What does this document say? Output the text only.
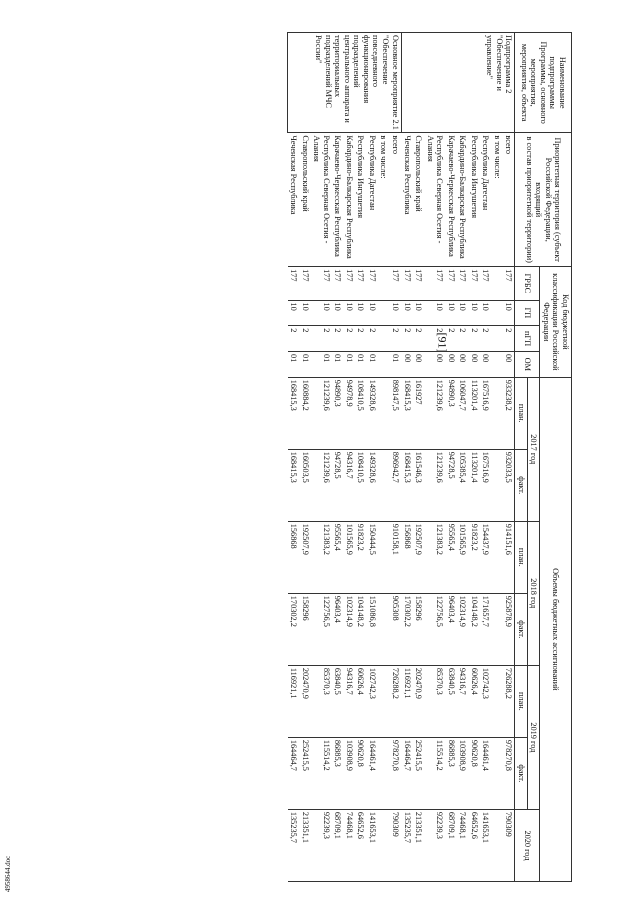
[91]
4958644.doc
Наименование подпрограммы Программы, основного мероприятия, мероприятия, объекта	Приоритетная территория (субъект Российской Федерации,
входящий
в состав приоритетной территории)	Код бюджетной классификации Российской Федерации				Объемы бюджетных ассигнований						
		ГРБС	ГП	пГП	ОМ	2017 год		2018 год		2019 год		2020 год
						план.	факт.	план.	факт.	план.	факт.	
Подпрограмма 2 "Обеспечение и управление"	всего	177	10	2	00	933238,2	932033,5	914151,6	925878,9	726288,2	978270,8	790309
	в том числе:											
	Республика Дагестан	177	10	2	00	167516,9	167516,9	154437,9	171657,7	102742,3	164461,4	141653,1
	Республика Ингушетия	177	10	2	00	113201,4	113201,4	91823,2	104148,2	60626,4	90620,8	64652,6
	Кабардино-Балкарская Республика	177	10	2	00	106047,7	105385,4	101565,9	102314,9	94316,7	103908,9	74468,1
	Карачаево-Черкесская Республика	177	10	2	00	94890,3	94728,5	95565,4	96403,4	63840,5	86885,3	68709,1
	Республика Северная Осетия - Алания	177	10	2	00	121239,6	121239,6	121383,2	122756,5	85370,3	115514,2	92239,3
	Ставропольский край	177	10	2	00	161927	161546,3	192507,9	158296	202470,9	252415,5	213351,1
	Чеченская Республика	177	10	2	00	168415,3	168415,3	156868	170302,2	116921,1	164464,7	135235,7
Основное мероприятие 2.1 "Обеспечение повседневного функционирования подразделений центрального аппарата и территориальных подразделений МЧС России"	всего	177	10	2	01	898147,5	896942,7	910158,1	905308	726288,2	978270,8	790309
	в том числе:											
	Республика Дагестан	177	10	2	01	149328,6	149328,6	150444,5	151086,8	102742,3	164461,4	141653,1
	Республика Ингушетия	177	10	2	01	108410,5	108410,5	91823,2	104148,2	60626,4	90620,8	64652,6
	Кабардино-Балкарская Республика	177	10	2	01	94978,9	94316,7	101565,9	102314,9	94316,7	103908,9	74468,1
	Карачаево-Черкесская Республика	177	10	2	01	94890,3	94728,5	95565,4	96403,4	63840,5	86885,3	68709,1
	Республика Северная Осетия - Алания	177	10	2	01	121239,6	121239,6	121383,2	122756,5	85370,3	115514,2	92239,3
	Ставропольский край	177	10	2	01	160884,2	160503,5	192507,9	158296	202470,9	252415,5	213351,1
	Чеченская Республика	177	10	2	01	168415,3	168415,3	156868	170302,2	116921,1	164464,7	135235,7
